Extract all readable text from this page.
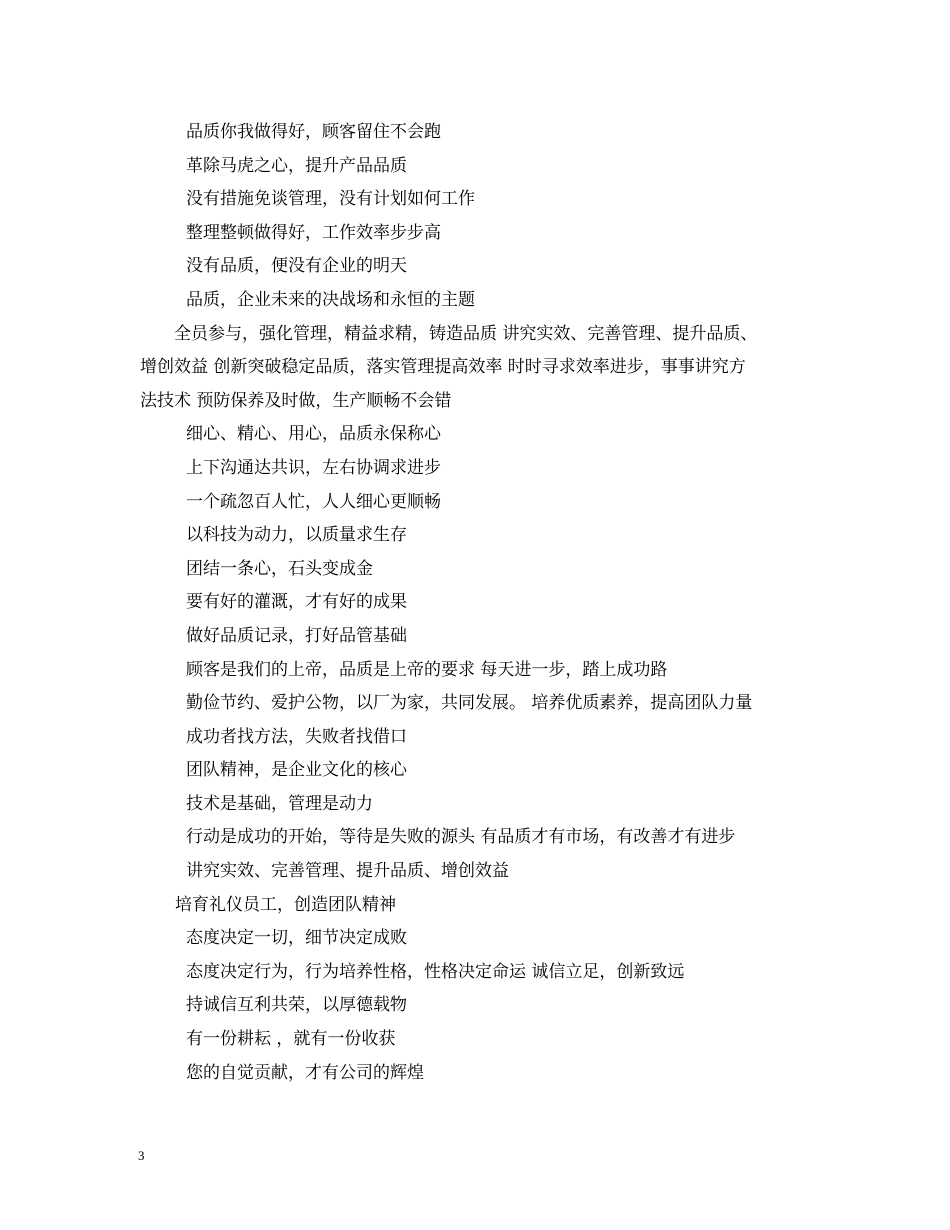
品质你我做得好，顾客留住不会跑
革除马虎之心，提升产品品质
没有措施免谈管理，没有计划如何工作
整理整顿做得好，工作效率步步高
没有品质，便没有企业的明天
品质，企业未来的决战场和永恒的主题
全员参与，强化管理，精益求精，铸造品质 讲究实效、完善管理、提升品质、
增创效益 创新突破稳定品质，落实管理提高效率 时时寻求效率进步，事事讲究方
法技术 预防保养及时做，生产顺畅不会错
细心、精心、用心，品质永保称心
上下沟通达共识，左右协调求进步
一个疏忽百人忙，人人细心更顺畅
以科技为动力，以质量求生存
团结一条心，石头变成金
要有好的灌溉，才有好的成果
做好品质记录，打好品管基础
顾客是我们的上帝，品质是上帝的要求 每天进一步，踏上成功路
勤俭节约、爱护公物，以厂为家，共同发展。 培养优质素养，提高团队力量
成功者找方法，失败者找借口
团队精神，是企业文化的核心
技术是基础，管理是动力
行动是成功的开始，等待是失败的源头 有品质才有市场，有改善才有进步
讲究实效、完善管理、提升品质、增创效益
培育礼仪员工，创造团队精神
态度决定一切，细节决定成败
态度决定行为，行为培养性格，性格决定命运 诚信立足，创新致远
持诚信互利共荣，以厚德载物
有一份耕耘 ，就有一份收获
您的自觉贡献，才有公司的辉煌
3
